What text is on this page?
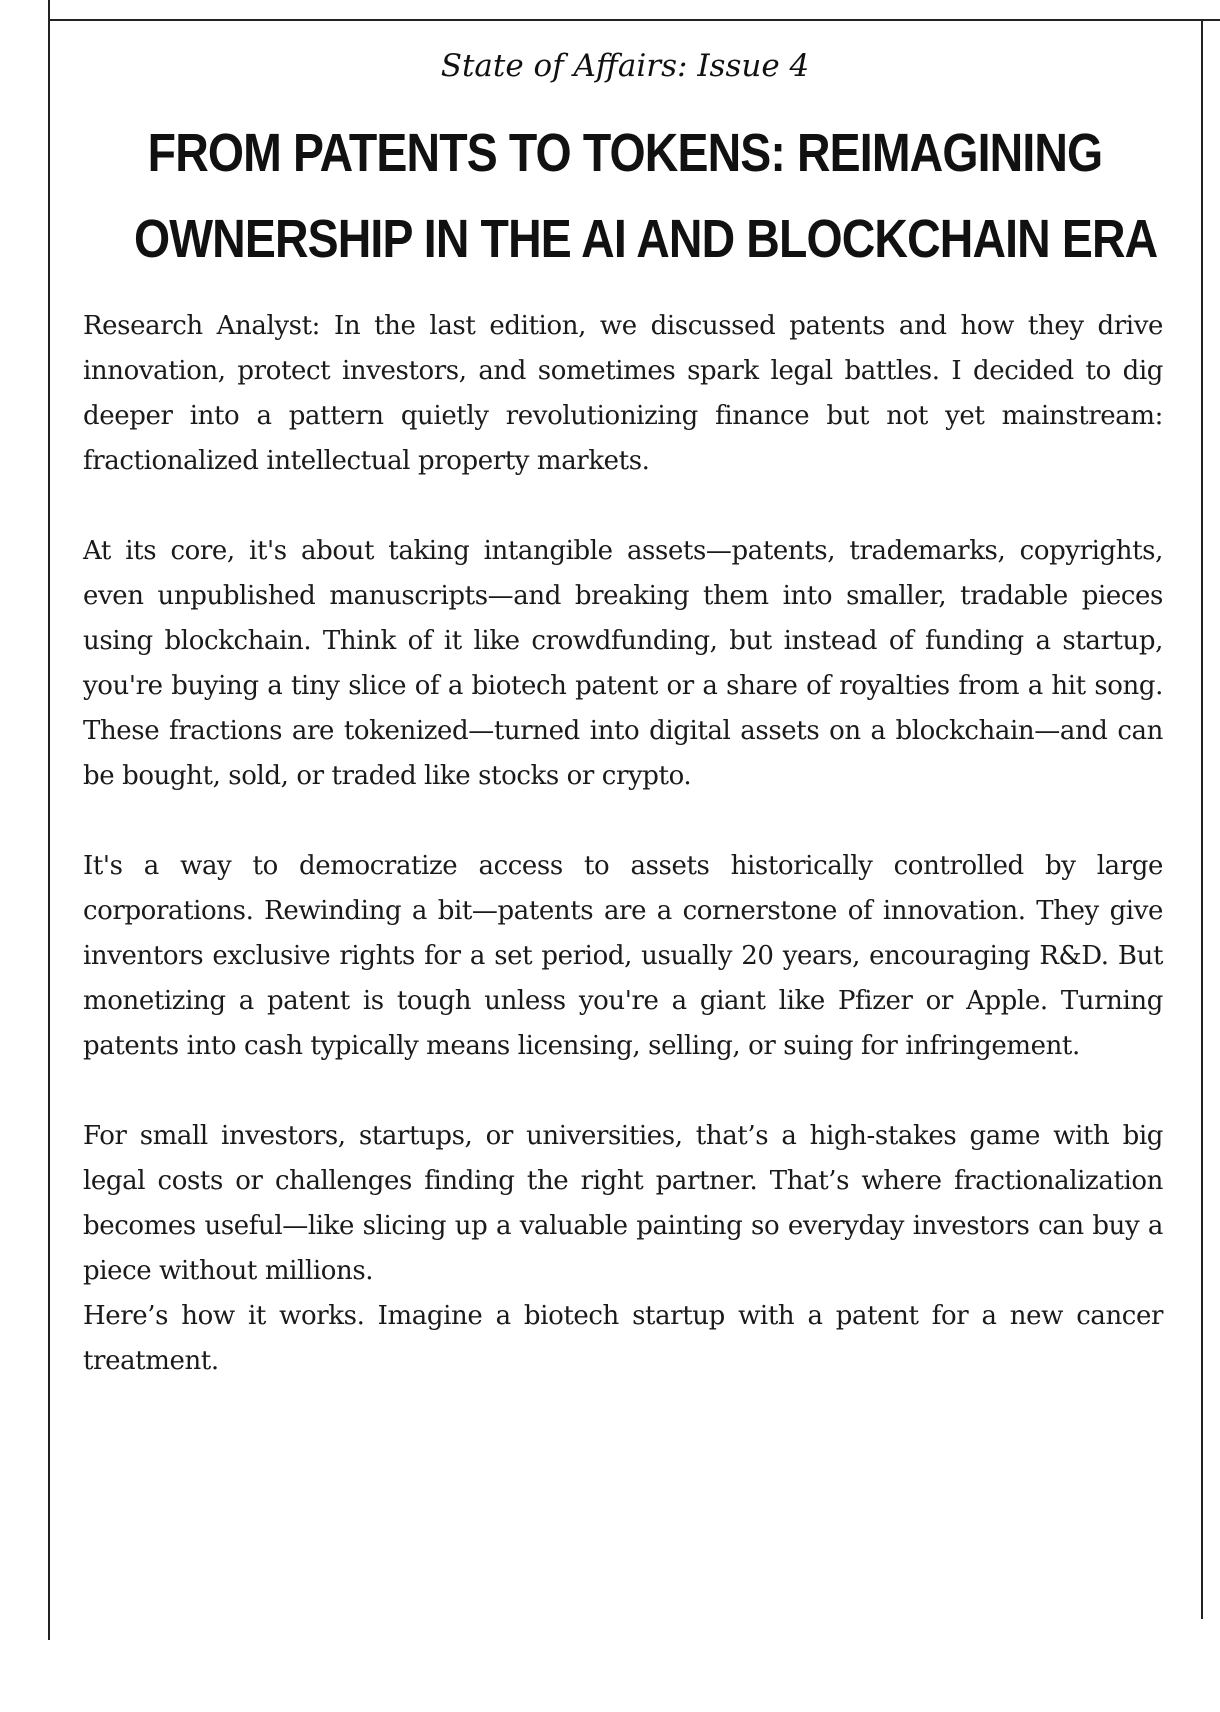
State of Affairs: Issue 4
FROM PATENTS TO TOKENS: REIMAGINING
OWNERSHIP IN THE AI AND BLOCKCHAIN ERA

Research Analyst: In the last edition, we discussed patents and how they drive innovation, protect investors, and sometimes spark legal battles. I decided to dig deeper into a pattern quietly revolutionizing finance but not yet mainstream: fractionalized intellectual property markets.

At its core, it's about taking intangible assets—patents, trademarks, copyrights, even unpublished manuscripts—and breaking them into smaller, tradable pieces using blockchain. Think of it like crowdfunding, but instead of funding a startup, you're buying a tiny slice of a biotech patent or a share of royalties from a hit song. These fractions are tokenized—turned into digital assets on a blockchain—and can be bought, sold, or traded like stocks or crypto.

It's a way to democratize access to assets historically controlled by large corporations. Rewinding a bit—patents are a cornerstone of innovation. They give inventors exclusive rights for a set period, usually 20 years, encouraging R&D. But monetizing a patent is tough unless you're a giant like Pfizer or Apple. Turning patents into cash typically means licensing, selling, or suing for infringement.

For small investors, startups, or universities, that’s a high-stakes game with big legal costs or challenges finding the right partner. That’s where fractionalization becomes useful—like slicing up a valuable painting so everyday investors can buy a piece without millions.

Here’s how it works. Imagine a biotech startup with a patent for a new cancer treatment.
